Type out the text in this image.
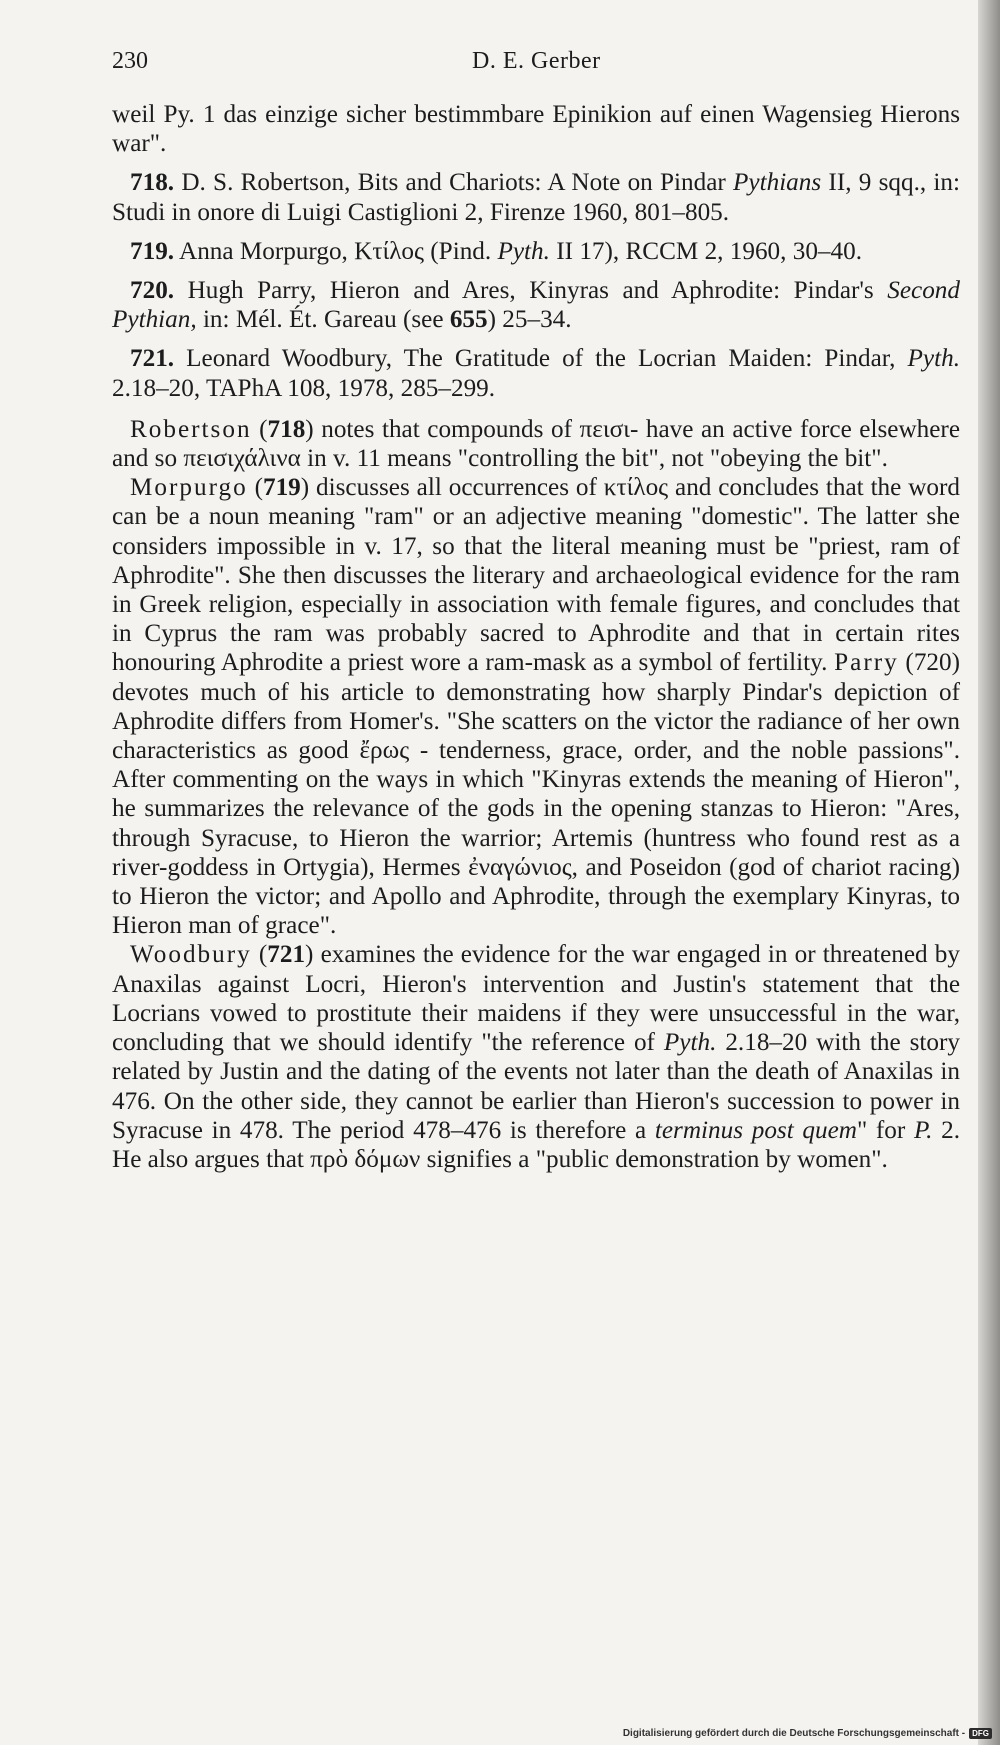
230	D. E. Gerber

weil Py. 1 das einzige sicher bestimmbare Epinikion auf einen Wagensieg Hierons war".

718. D. S. Robertson, Bits and Chariots: A Note on Pindar Pythians II, 9 sqq., in: Studi in onore di Luigi Castiglioni 2, Firenze 1960, 801–805.

719. Anna Morpurgo, Κτίλος (Pind. Pyth. II 17), RCCM 2, 1960, 30–40.

720. Hugh Parry, Hieron and Ares, Kinyras and Aphrodite: Pindar's Second Pythian, in: Mél. Ét. Gareau (see 655) 25–34.

721. Leonard Woodbury, The Gratitude of the Locrian Maiden: Pindar, Pyth. 2.18–20, TAPhA 108, 1978, 285–299.

Robertson (718) notes that compounds of πεισι- have an active force elsewhere and so πεισιχάλινα in v. 11 means "controlling the bit", not "obeying the bit".

Morpurgo (719) discusses all occurrences of κτίλος and concludes that the word can be a noun meaning "ram" or an adjective meaning "domestic". The latter she considers impossible in v. 17, so that the literal meaning must be "priest, ram of Aphrodite". She then discusses the literary and archaeological evidence for the ram in Greek religion, especially in association with female figures, and concludes that in Cyprus the ram was probably sacred to Aphrodite and that in certain rites honouring Aphrodite a priest wore a ram-mask as a symbol of fertility. Parry (720) devotes much of his article to demonstrating how sharply Pindar's depiction of Aphrodite differs from Homer's. "She scatters on the victor the radiance of her own characteristics as good ἔρως - tenderness, grace, order, and the noble passions". After commenting on the ways in which "Kinyras extends the meaning of Hieron", he summarizes the relevance of the gods in the opening stanzas to Hieron: "Ares, through Syracuse, to Hieron the warrior; Artemis (huntress who found rest as a river-goddess in Ortygia), Hermes ἐναγώνιος, and Poseidon (god of chariot racing) to Hieron the victor; and Apollo and Aphrodite, through the exemplary Kinyras, to Hieron man of grace".

Woodbury (721) examines the evidence for the war engaged in or threatened by Anaxilas against Locri, Hieron's intervention and Justin's statement that the Locrians vowed to prostitute their maidens if they were unsuccessful in the war, concluding that we should identify "the reference of Pyth. 2.18–20 with the story related by Justin and the dating of the events not later than the death of Anaxilas in 476. On the other side, they cannot be earlier than Hieron's succession to power in Syracuse in 478. The period 478–476 is therefore a terminus post quem" for P. 2. He also argues that πρὸ δόμων signifies a "public demonstration by women".

Digitalisierung gefördert durch die Deutsche Forschungsgemeinschaft - DFG
